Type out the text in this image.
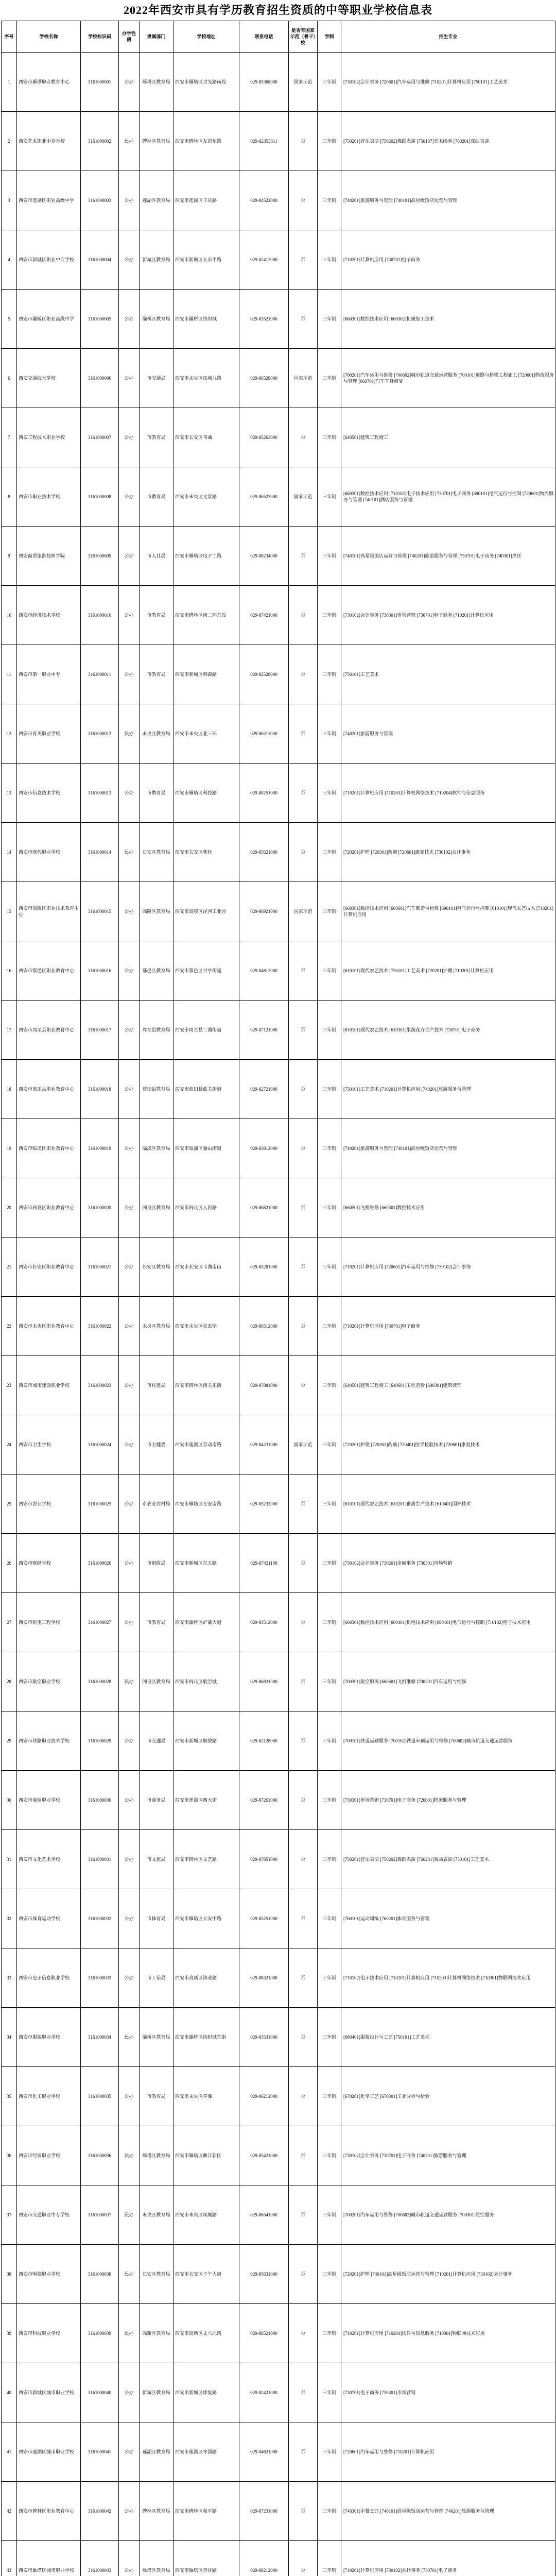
2022年西安市具有学历教育招生资质的中等职业学校信息表
序号	学校名称	学校标识码	办学性质	隶属部门	学校地址	联系电话	是否有国家示范（骨干）校	学制	招生专业
1	西安市雁塔职业教育中心	3161000001	公办	雁塔区教育局	西安市雁塔区含光路南段	029-85368000	国家示范	三年制	[730102]会计事务 [720601]汽车运用与维修 [710201]计算机应用 [750101]工艺美术
2	西安艺术职业中专学校	3161000002	民办	碑林区教育局	西安市碑林区友谊东路	029-82353611	否	三年制	[750201]音乐表演 [750202]舞蹈表演 [750107]美术绘画 [760201]戏曲表演
3	西安市莲湖区职业高级中学	3161000003	公办	莲湖区教育局	西安市莲湖区丰庆路	029-84522000	否	三年制	[740201]旅游服务与管理 [740101]高星级饭店运营与管理
4	西安市新城区职业中专学校	3161000004	公办	新城区教育局	西安市新城区长乐中路	029-82412000	否	三年制	[710201]计算机应用 [730701]电子商务
5	西安市灞桥区职业高级中学	3161000005	公办	灞桥区教育局	西安市灞桥区纺织城	029-83521000	否	三年制	[660301]数控技术应用 [660302]机械加工技术
6	西安交通技术学校	3161000006	公办	市交通局	西安市未央区凤城九路	029-86528000	国家示范	三年制	[700201]汽车运用与维修 [700602]城市轨道交通运营服务 [700101]道路与桥梁工程施工 [720601]物流服务与管理 [660701]汽车车身修复
7	西安工程技术职业学校	3161000007	公办	市教育局	西安市长安区韦曲	029-85263000	否	三年制	[640501]建筑工程施工
8	西安市职业技术学校	3161000008	公办	市教育局	西安市未央区文景路	029-86522000	国家示范	三年制	[660301]数控技术应用 [710102]电子技术应用 [730701]电子商务 [690101]电气运行与控制 [720601]物流服务与管理 [740101]酒店服务与管理
9	西安商贸旅游技师学院	3161000009	公办	市人社局	西安市雁塔区电子二路	029-88234000	否	三年制	[740101]高星级饭店运营与管理 [740201]旅游服务与管理 [730701]电子商务 [740301]烹饪
10	西安市经济技术学校	3161000010	公办	市教育局	西安市碑林区南二环东段	029-87421000	否	三年制	[730102]会计事务 [730301]市场营销 [730701]电子商务 [710201]计算机应用
11	西安市第一职业中专	3161000011	公办	市教育局	西安市新城区韩森路	029-82528000	否	三年制	[750101]工艺美术
12	西安市育英职业学校	3161000012	民办	未央区教育局	西安市未央区北三环	029-86211000	否	三年制	[740201]旅游服务与管理
13	西安市信息技术学校	3161000013	公办	市教育局	西安市雁塔区科技路	029-88251000	否	三年制	[710201]计算机应用 [710203]计算机网络技术 [710204]软件与信息服务
14	西安市现代职业学校	3161000014	民办	长安区教育局	西安市长安区郭杜	029-85621000	否	三年制	[720201]护理 [720301]药剂 [720601]康复技术 [730102]会计事务
15	西安市高陵区职业技术教育中心	3161000015	公办	高陵区教育局	西安市高陵区泾河工业园	029-86921000	国家示范	三年制	[660301]数控技术应用 [660601]汽车制造与检修 [690101]电气运行与控制 [610101]现代农艺技术 [710201]计算机应用
16	西安市鄠邑区职业教育中心	3161000016	公办	鄠邑区教育局	西安市鄠邑区甘亭街道	029-84812000	否	三年制	[610101]现代农艺技术 [750101]工艺美术 [720201]护理 [710201]计算机应用
17	西安市周至县职业教育中心	3161000017	公办	周至县教育局	西安市周至县二曲街道	029-87121000	否	三年制	[610101]现代农艺技术 [610301]果蔬花卉生产技术 [730701]电子商务
18	西安市蓝田县职业教育中心	3161000018	公办	蓝田县教育局	西安市蓝田县蓝关街道	029-82721000	否	三年制	[750101]工艺美术 [710201]计算机应用 [740201]旅游服务与管理
19	西安市临潼区职业教育中心	3161000019	公办	临潼区教育局	西安市临潼区骊山街道	029-83812000	否	三年制	[740201]旅游服务与管理 [740101]高星级饭店运营与管理
20	西安市阎良区职业教育中心	3161000020	公办	阎良区教育局	西安市阎良区人民路	029-86821000	否	三年制	[660501]飞机维修 [660301]数控技术应用
21	西安市长安区职业教育中心	3161000021	公办	长安区教育局	西安市长安区韦曲南街	029-85281000	否	三年制	[710201]计算机应用 [720601]汽车运用与维修 [730102]会计事务
22	西安市未央区职业教育中心	3161000022	公办	未央区教育局	西安市未央区张家堡	029-86512000	否	三年制	[710201]计算机应用 [730701]电子商务
23	西安市城市建设职业学校	3161000023	公办	市住建局	西安市碑林区南关正街	029-87881000	否	三年制	[640501]建筑工程施工 [640601]工程造价 [640301]建筑装饰
24	西安市卫生学校	3161000024	公办	市卫健委	西安市莲湖区劳动南路	029-84231000	国家示范	三年制	[720201]护理 [720301]药剂 [720401]医学检验技术 [720601]康复技术
25	西安市农业学校	3161000025	公办	市农业农村局	西安市雁塔区长安南路	029-85232000	否	三年制	[610101]现代农艺技术 [610201]畜禽生产技术 [610401]园林技术
26	西安市财经学校	3161000026	公办	市财政局	西安市新城区东五路	029-87421100	否	三年制	[730102]会计事务 [730201]金融事务 [730301]市场营销
27	西安市机电工程学校	3161000027	公办	市教育局	西安市灞桥区浐灞大道	029-83512000	否	三年制	[660301]数控技术应用 [660401]机电技术应用 [690101]电气运行与控制 [710102]电子技术应用
28	西安市航空职业学校	3161000028	民办	阎良区教育局	西安市阎良区航空城	029-86831000	否	三年制	[700301]航空服务 [660501]飞机维修 [700201]汽车运用与维修
29	西安市铁路职业技术学校	3161000029	公办	市交通局	西安市新城区解放路	029-82128000	否	三年制	[700101]铁道运输服务 [700102]铁道车辆运用与检修 [700602]城市轨道交通运营服务
30	西安市商贸职业学校	3161000030	公办	市商务局	西安市莲湖区西大街	029-87261000	否	三年制	[730301]市场营销 [730701]电子商务 [720601]物流服务与管理
31	西安市文化艺术学校	3161000031	公办	市文旅局	西安市碑林区文艺路	029-87851000	否	三年制	[750201]音乐表演 [750202]舞蹈表演 [760201]戏曲表演 [750101]工艺美术
32	西安市体育运动学校	3161000032	公办	市体育局	西安市雁塔区长安中路	029-85251000	否	三年制	[760101]运动训练 [760201]体育服务与管理
33	西安市电子信息职业学校	3161000033	公办	市工信局	西安市高新区锦业路	029-88321000	否	三年制	[710102]电子技术应用 [710201]计算机应用 [710203]计算机网络技术 [710301]物联网技术应用
34	西安市服装职业学校	3161000034	民办	灞桥区教育局	西安市灞桥区纺织城东街	029-83531000	否	三年制	[680401]服装设计与工艺 [750101]工艺美术
35	西安市化工职业学校	3161000035	公办	市教育局	西安市未央区草滩	029-86212000	否	三年制	[670201]化学工艺 [670301]工业分析与检验
36	西安市经贸职业学校	3161000036	民办	雁塔区教育局	西安市雁塔区曲江新区	029-85421000	否	三年制	[730102]会计事务 [730701]电子商务 [740201]旅游服务与管理
37	西安市交通职业中专学校	3161000037	民办	未央区教育局	西安市未央区凤城路	029-86541000	否	三年制	[700201]汽车运用与维修 [700602]城市轨道交通运营服务 [700301]航空服务
38	西安市明德职业学校	3161000038	民办	长安区教育局	西安市长安区子午大道	029-85631000	否	三年制	[720201]护理 [740101]高星级饭店运营与管理 [710201]计算机应用 [730102]会计事务
39	西安市科技职业学校	3161000039	民办	高新区教育局	西安市高新区丈八北路	029-88521000	否	三年制	[710201]计算机应用 [710204]软件与信息服务 [710301]物联网技术应用
40	西安市新城区城市职业学校	3161000040	公办	新城区教育局	西安市新城区康复路	029-82421000	否	三年制	[730701]电子商务 [730301]市场营销
41	西安市莲湖区城市职业学校	3161000041	公办	莲湖区教育局	西安市莲湖区枣园路	029-84621000	否	三年制	[720601]汽车运用与维修 [710201]计算机应用
42	西安市碑林区职业教育中心	3161000042	公办	碑林区教育局	西安市碑林区和平路	029-87231000	否	三年制	[740301]中餐烹饪 [740101]高星级饭店运营与管理 [740201]旅游服务与管理
43	西安市雁塔区城市职业学校	3161000043	公办	雁塔区教育局	西安市雁塔区吉祥路	029-88212000	否	三年制	[710201]计算机应用 [730102]会计事务 [730701]电子商务
